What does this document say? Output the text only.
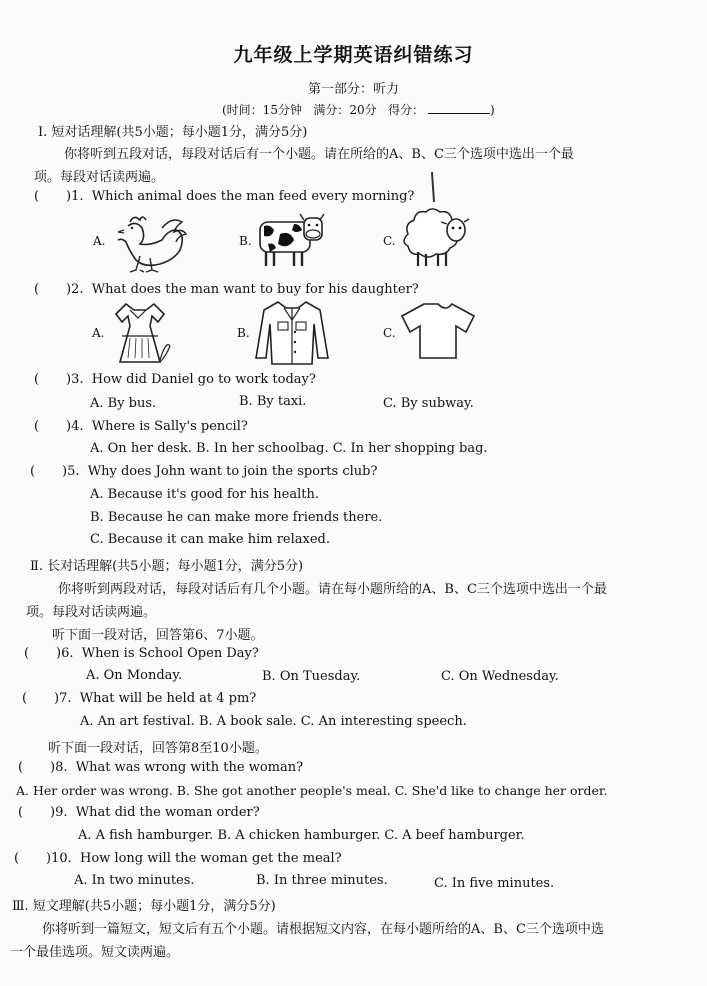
九年级上学期英语纠错练习
第一部分：听力
(时间：15分钟 满分：20分 得分：	)
Ⅰ. 短对话理解(共5小题；每小题1分，满分5分)
你将听到五段对话，每段对话后有一个小题。请在所给的A、B、C三个选项中选出一个最
项。每段对话读两遍。
( )1. Which animal does the man feed every morning?
A.	B.	C.
( )2. What does the man want to buy for his daughter?
A.	B.	C.
( )3. How did Daniel go to work today?
A. By bus.	B. By taxi.	C. By subway.
( )4. Where is Sally's pencil?
A. On her desk. B. In her schoolbag. C. In her shopping bag.
( )5. Why does John want to join the sports club?
A. Because it's good for his health.
B. Because he can make more friends there.
C. Because it can make him relaxed.
Ⅱ. 长对话理解(共5小题；每小题1分，满分5分)
你将听到两段对话，每段对话后有几个小题。请在每小题所给的A、B、C三个选项中选出一个最
项。每段对话读两遍。
听下面一段对话，回答第6、7小题。
( )6. When is School Open Day?
A. On Monday.	B. On Tuesday.	C. On Wednesday.
( )7. What will be held at 4 pm?
A. An art festival. B. A book sale. C. An interesting speech.
听下面一段对话，回答第8至10小题。
( )8. What was wrong with the woman?
A. Her order was wrong. B. She got another people's meal. C. She'd like to change her order.
( )9. What did the woman order?
A. A fish hamburger. B. A chicken hamburger. C. A beef hamburger.
( )10. How long will the woman get the meal?
A. In two minutes.	B. In three minutes.	C. In five minutes.
Ⅲ. 短文理解(共5小题；每小题1分，满分5分)
你将听到一篇短文，短文后有五个小题。请根据短文内容，在每小题所给的A、B、C三个选项中选
一个最佳选项。短文读两遍。
